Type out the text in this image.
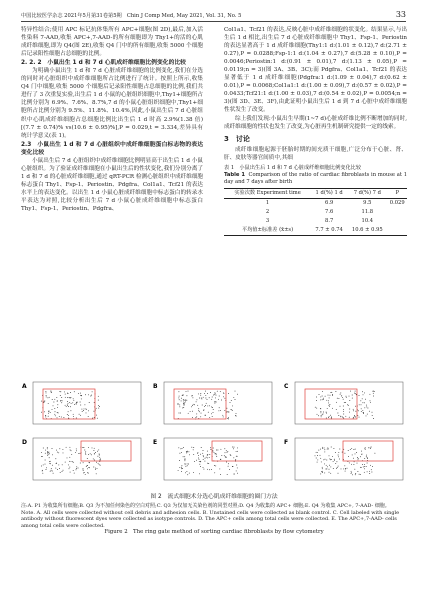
中国比较医学杂志 2021年5月第31卷第5期　Chin J Comp Med, May 2021, Vol. 31, No. 5	33

特异性结合;使用 APC 标记抗体集所有 APC+细胞(图 2D),最后,加入活性染料 7-AAD,收集 APC+,7-AAD-的所有细胞即为 Thy1+的活的心肌成纤维细胞,即为 Q4(图 2E),收集 Q4 门中的所有细胞,收集 5000 个细胞后记录阳性细胞占总细胞的比例。

2. 2. 2　小鼠出生 1 d 和 7 d 心肌成纤维细胞比例变化的比较

为明确小鼠出生 1 d 和 7 d 心脏成纤维细胞的比例变化,我们在分选的同时对心脏组织中成纤维细胞所占比例进行了统计。按照上所示,收集 Q4 门中细胞,收集 5000 个细胞后记录阳性细胞占总细胞的比例,我们共进行了 3 次重复实验,出生后 1 d 小鼠的心脏组织细胞中,Thy1+细胞所占比例分别为 6.9%、7.6%、8.7%,7 d 的小鼠心脏组织细胞中,Thy1+细胞所占比例分别为 9.5%、11.8%、10.4%,因此,小鼠出生后 7 d 心脏组织中心肌成纤维细胞占总细胞比例比出生后 1 d 时高 2.9%(1.38 倍)[(7.7 ± 0.74)% vs(10.6 ± 0.95)%],P = 0.029,t = 3.334,差异具有统计学意义(表 1)。

2.3　小鼠出生 1 d 和 7 d 心脏组织中成纤维细胞蛋白标志物的表达变化比较

小鼠出生后 7 d 心脏组织中成纤维细胞比例明显高于出生后 1 d 小鼠心脏组织。为了验证成纤维细胞在小鼠出生后的性状变化,我们分别分离了 1 d 和 7 d 的心脏成纤维细胞,通过 qRT-PCR 检测心脏组织中成纤维细胞标志蛋白 Thy1、Fsp-1、Periostin、Pdgfra、Col1a1、Tcf21 的表达水平上的表达变化。以出生 1 d 小鼠心脏成纤维细胞中标志蛋白的转录水平表达为对照,比较分析出生后 7 d 小鼠心脏成纤维细胞中标志蛋白 Thy1、Fsp-1、Periostin、Pdgfra、

Col1a1、Tcf21 的表达,反映心脏中成纤维细胞的状变化。结果显示,与出生后 1 d 相比,出生后 7 d 心脏成纤维细胞中 Thy1、Fsp-1、Periostin 的表达显著高于 1 d 成纤维细胞(Thy1:1 d:(1.01 ± 0.12),7 d:(2.71 ± 0.27),P = 0.0288;Fsp-1:1 d:(1.04 ± 0.27),7 d:(5.28 ± 0.10),P = 0.0046;Periostin:1 d:(0.91 ± 0.01),7 d:(1.13 ± 0.05),P = 0.0119;n = 3)(图 3A、3B、3C);而 Pdgfra、Col1a1、Tcf21 的表达显著低于 1 d 成纤维细胞(Pdgfra:1 d:(1.09 ± 0.04),7 d:(0.62 ± 0.01),P = 0.0068;Col1a1:1 d:(1.00 ± 0.09),7 d:(0.57 ± 0.02),P = 0.0433;Tcf21:1 d:(1.00 ± 0.03),7 d:(0.54 ± 0.02),P = 0.0054;n = 3)(图 3D、3E、3F),由此证明小鼠出生后 1 d 到 7 d 心脏中成纤维细胞性状发生了改变。

综上我们发现:小鼠出生早期(1~7 d)心脏成纤维比例不断增加的同时,成纤维细胞的性状也发生了改变,为心脏再生机制研究提供一定的线索。

3　讨论

成纤维细胞起源于胚胎时期的间充质干细胞,广泛分布于心脏、肾、肝、皮肤等器官间质中,其细

表 1　小鼠出生后 1 d 和 7 d 心脏成纤维细胞比例变化比较
Table 1 Comparison of the ratio of cardiac fibroblasts in mouse at 1 day and 7 days after birth
实验次数 Experiment time	1 d(%) 1 d	7 d(%) 7 d	P
1	6.9	9.5	0.029
2	7.6	11.8	
3	8.7	10.4	
平均值±标准差 (x̄±s)	7.7 ± 0.74	10.6 ± 0.95	
A	B	C
D	E	F
图 2　流式细胞术分选心肌成纤维细胞的圈门方法
注:A. P1 为收集所有细胞;B. Q3 为不加任何染色的空白对照;C. Q3 为仅加无关染色剂的同型对照;D. Q4 为收集的 APC+ 细胞;E. Q4 为收集 APC+, 7-AAD- 细胞。
Note. A. All cells were collected without cell debris and adhesion cells. B. Unstained cells were collected as blank control. C. Cell labeled with single antibody without fluorescent dyes were collected as isotype controls. D. The APC+ cells among total cells were collected. E. The APC+,7-AAD- cells among total cells were collected.
Figure 2　The ring gate method of sorting cardiac fibroblasts by flow cytometry
